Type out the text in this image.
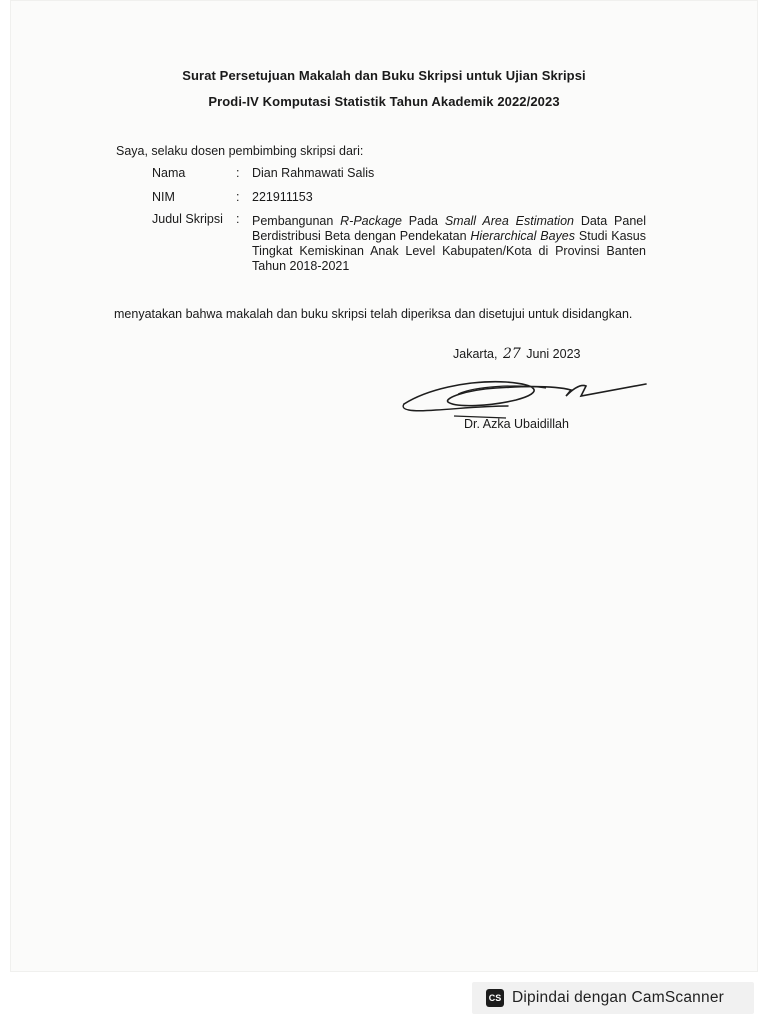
Surat Persetujuan Makalah dan Buku Skripsi untuk Ujian Skripsi
Prodi-IV Komputasi Statistik Tahun Akademik 2022/2023
Saya, selaku dosen pembimbing skripsi dari:
Nama	: Dian Rahmawati Salis
NIM	: 221911153
Judul Skripsi : Pembangunan R-Package Pada Small Area Estimation Data Panel Berdistribusi Beta dengan Pendekatan Hierarchical Bayes Studi Kasus Tingkat Kemiskinan Anak Level Kabupaten/Kota di Provinsi Banten Tahun 2018-2021
menyatakan bahwa makalah dan buku skripsi telah diperiksa dan disetujui untuk disidangkan.
Jakarta, 27 Juni 2023
Dr. Azka Ubaidillah
CS Dipindai dengan CamScanner
